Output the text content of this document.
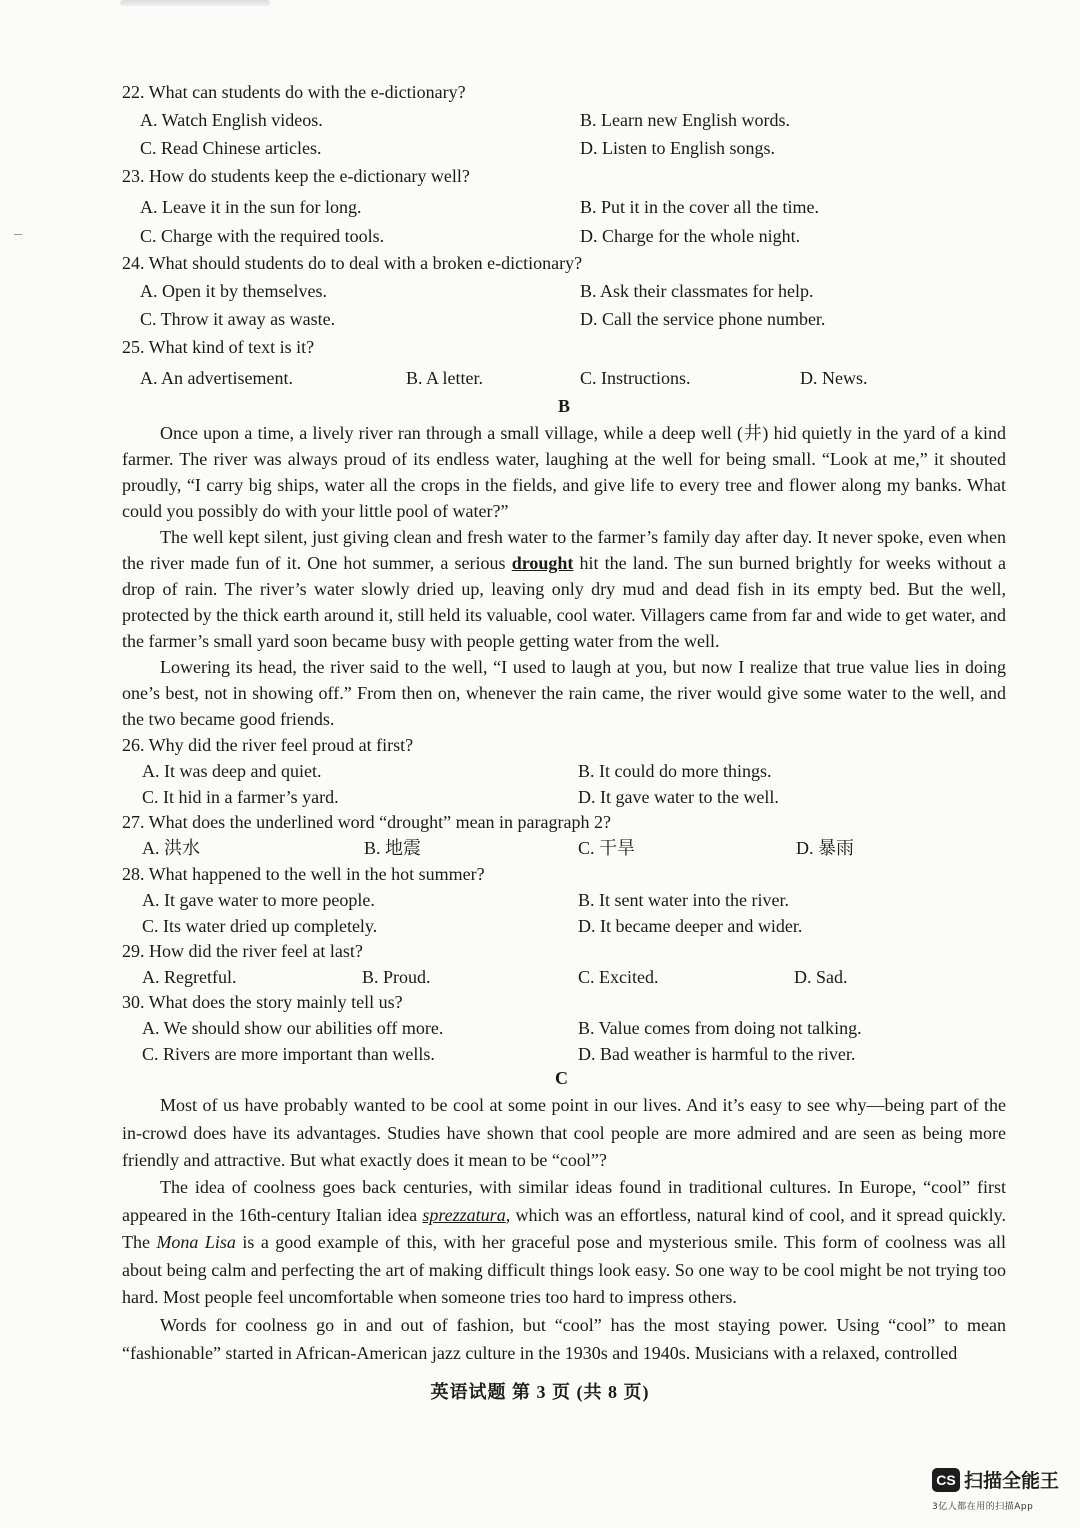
22. What can students do with the e-dictionary?
A. Watch English videos.	B. Learn new English words.
C. Read Chinese articles.	D. Listen to English songs.
23. How do students keep the e-dictionary well?
A. Leave it in the sun for long.	B. Put it in the cover all the time.
C. Charge with the required tools.	D. Charge for the whole night.
24. What should students do to deal with a broken e-dictionary?
A. Open it by themselves.	B. Ask their classmates for help.
C. Throw it away as waste.	D. Call the service phone number.
25. What kind of text is it?
A. An advertisement.	B. A letter.	C. Instructions.	D. News.
B

Once upon a time, a lively river ran through a small village, while a deep well (井) hid quietly in the yard of a kind farmer. The river was always proud of its endless water, laughing at the well for being small. “Look at me,” it shouted proudly, “I carry big ships, water all the crops in the fields, and give life to every tree and flower along my banks. What could you possibly do with your little pool of water?”

The well kept silent, just giving clean and fresh water to the farmer’s family day after day. It never spoke, even when the river made fun of it. One hot summer, a serious drought hit the land. The sun burned brightly for weeks without a drop of rain. The river’s water slowly dried up, leaving only dry mud and dead fish in its empty bed. But the well, protected by the thick earth around it, still held its valuable, cool water. Villagers came from far and wide to get water, and the farmer’s small yard soon became busy with people getting water from the well.

Lowering its head, the river said to the well, “I used to laugh at you, but now I realize that true value lies in doing one’s best, not in showing off.” From then on, whenever the rain came, the river would give some water to the well, and the two became good friends.

26. Why did the river feel proud at first?
A. It was deep and quiet.	B. It could do more things.
C. It hid in a farmer’s yard.	D. It gave water to the well.
27. What does the underlined word “drought” mean in paragraph 2?
A. 洪水	B. 地震	C. 干旱	D. 暴雨
28. What happened to the well in the hot summer?
A. It gave water to more people.	B. It sent water into the river.
C. Its water dried up completely.	D. It became deeper and wider.
29. How did the river feel at last?
A. Regretful.	B. Proud.	C. Excited.	D. Sad.
30. What does the story mainly tell us?
A. We should show our abilities off more.	B. Value comes from doing not talking.
C. Rivers are more important than wells.	D. Bad weather is harmful to the river.
C

Most of us have probably wanted to be cool at some point in our lives. And it’s easy to see why—being part of the in-crowd does have its advantages. Studies have shown that cool people are more admired and are seen as being more friendly and attractive. But what exactly does it mean to be “cool”?

The idea of coolness goes back centuries, with similar ideas found in traditional cultures. In Europe, “cool” first appeared in the 16th-century Italian idea sprezzatura, which was an effortless, natural kind of cool, and it spread quickly. The Mona Lisa is a good example of this, with her graceful pose and mysterious smile. This form of coolness was all about being calm and perfecting the art of making difficult things look easy. So one way to be cool might be not trying too hard. Most people feel uncomfortable when someone tries too hard to impress others.

Words for coolness go in and out of fashion, but “cool” has the most staying power. Using “cool” to mean “fashionable” started in African-American jazz culture in the 1930s and 1940s. Musicians with a relaxed, controlled

英语试题 第 3 页 (共 8 页)
CS 扫描全能王
3亿人都在用的扫描App
